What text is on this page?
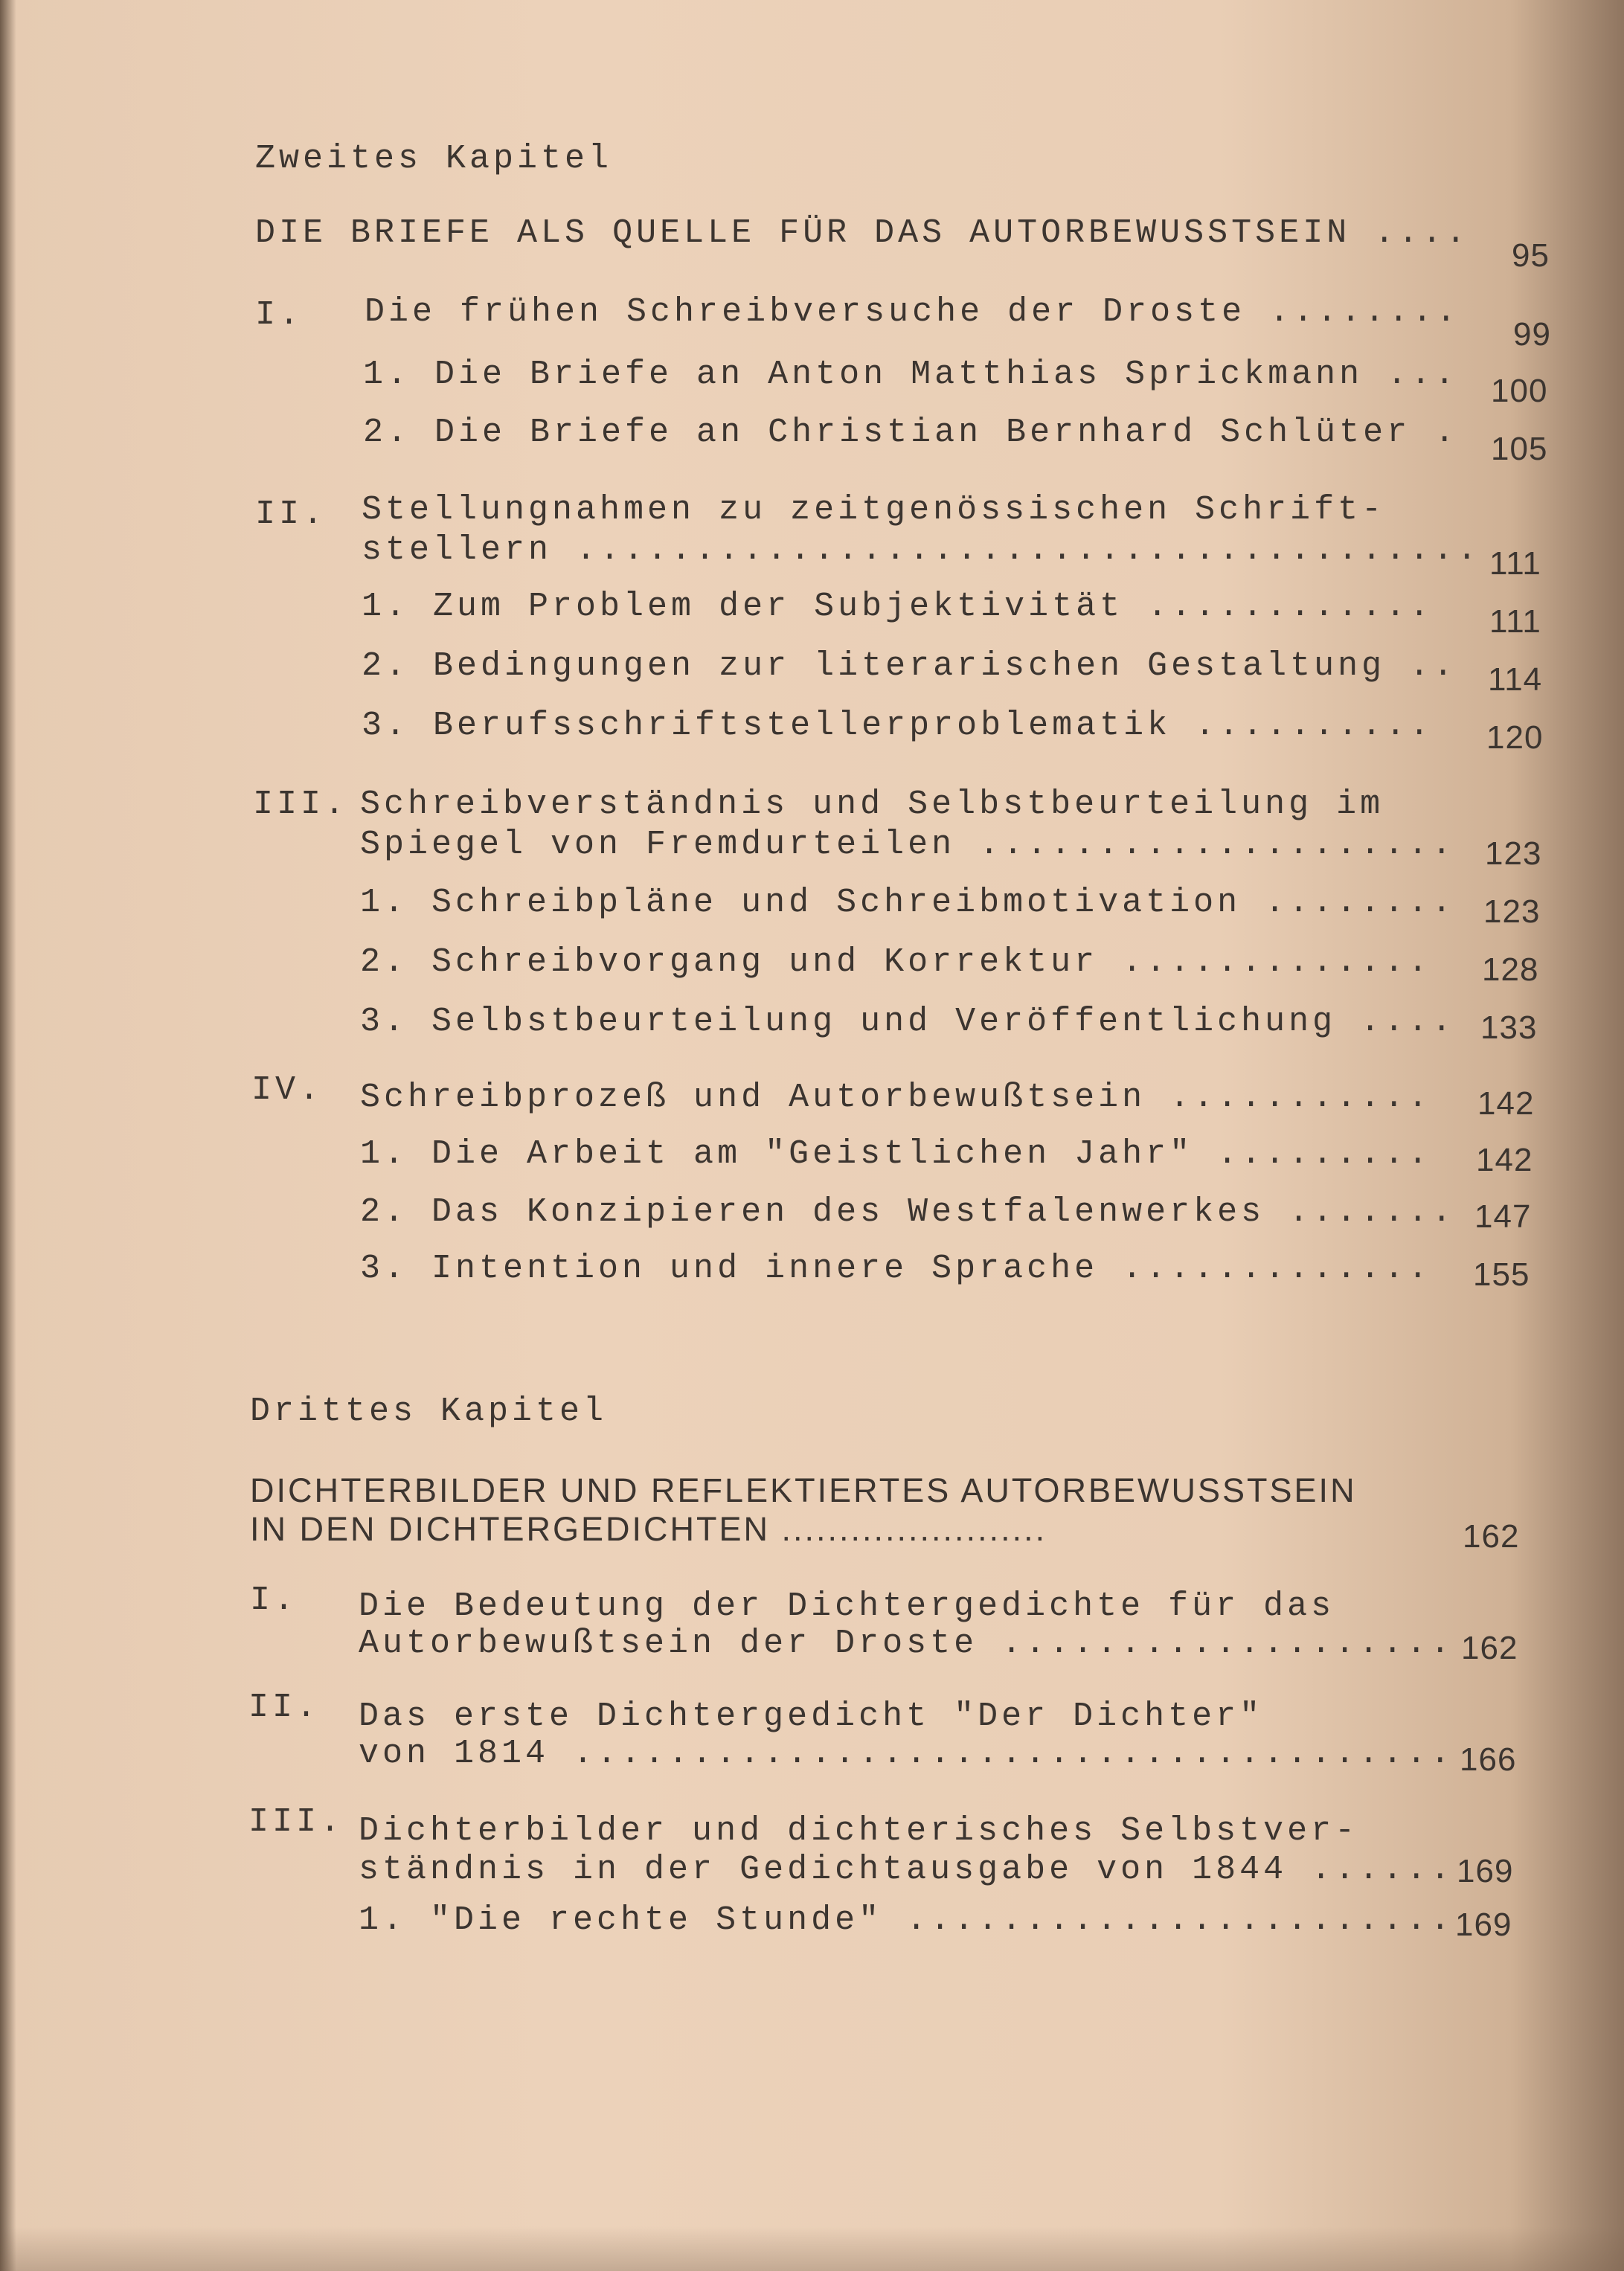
Zweites Kapitel
DIE BRIEFE ALS QUELLE FÜR DAS AUTORBEWUSSTSEIN ....
95
I. Die frühen Schreibversuche der Droste ........
99
1. Die Briefe an Anton Matthias Sprickmann ... 100
2. Die Briefe an Christian Bernhard Schlüter . 105
II. Stellungnahmen zu zeitgenössischen Schrift-
stellern ...................................... 111
1. Zum Problem der Subjektivität ............ 111
2. Bedingungen zur literarischen Gestaltung .. 114
3. Berufsschriftstellerproblematik .......... 120
III. Schreibverständnis und Selbstbeurteilung im
Spiegel von Fremdurteilen .................... 123
1. Schreibpläne und Schreibmotivation ........ 123
2. Schreibvorgang und Korrektur ............. 128
3. Selbstbeurteilung und Veröffentlichung .... 133
IV. Schreibprozeß und Autorbewußtsein ........... 142
1. Die Arbeit am "Geistlichen Jahr" ......... 142
2. Das Konzipieren des Westfalenwerkes ....... 147
3. Intention und innere Sprache ............. 155
Drittes Kapitel
DICHTERBILDER UND REFLEKTIERTES AUTORBEWUSSTSEIN
IN DEN DICHTERGEDICHTEN .......................	162
I. Die Bedeutung der Dichtergedichte für das
Autorbewußtsein der Droste ................... 162
II. Das erste Dichtergedicht "Der Dichter"
von 1814 ..................................... 166
III. Dichterbilder und dichterisches Selbstver-
ständnis in der Gedichtausgabe von 1844 ...... 169
1. "Die rechte Stunde" ....................... 169
